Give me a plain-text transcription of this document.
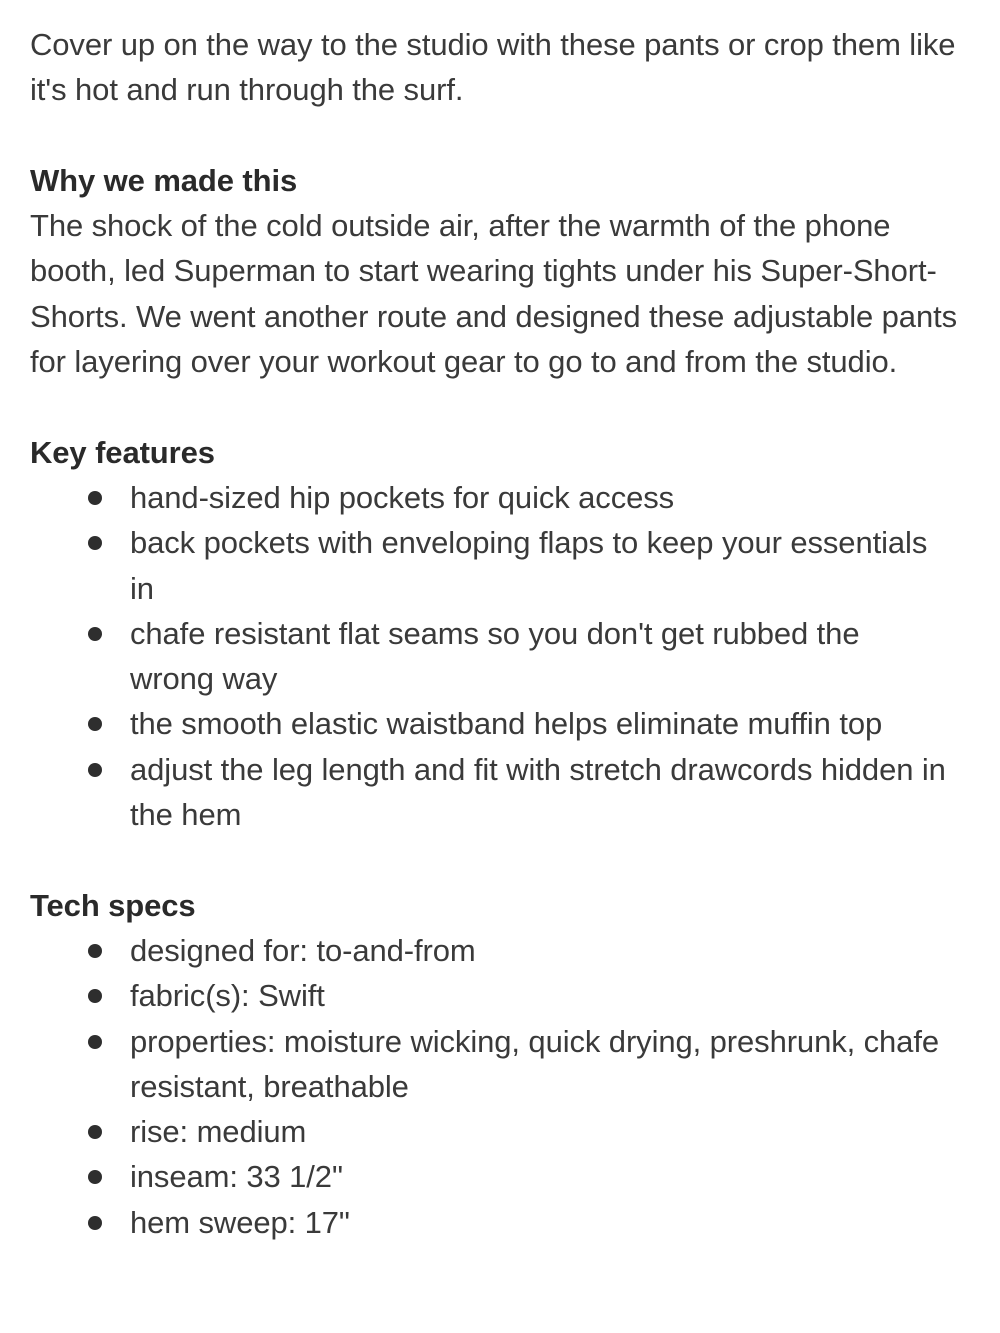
Cover up on the way to the studio with these pants or crop them like it's hot and run through the surf.

Why we made this

The shock of the cold outside air, after the warmth of the phone booth, led Superman to start wearing tights under his Super-Short-Shorts. We went another route and designed these adjustable pants for layering over your workout gear to go to and from the studio.

Key features

hand-sized hip pockets for quick access
back pockets with enveloping flaps to keep your essentials in
chafe resistant flat seams so you don't get rubbed the wrong way
the smooth elastic waistband helps eliminate muffin top
adjust the leg length and fit with stretch drawcords hidden in the hem

Tech specs

designed for: to-and-from
fabric(s): Swift
properties: moisture wicking, quick drying, preshrunk, chafe resistant, breathable
rise: medium
inseam: 33 1/2"
hem sweep: 17"
